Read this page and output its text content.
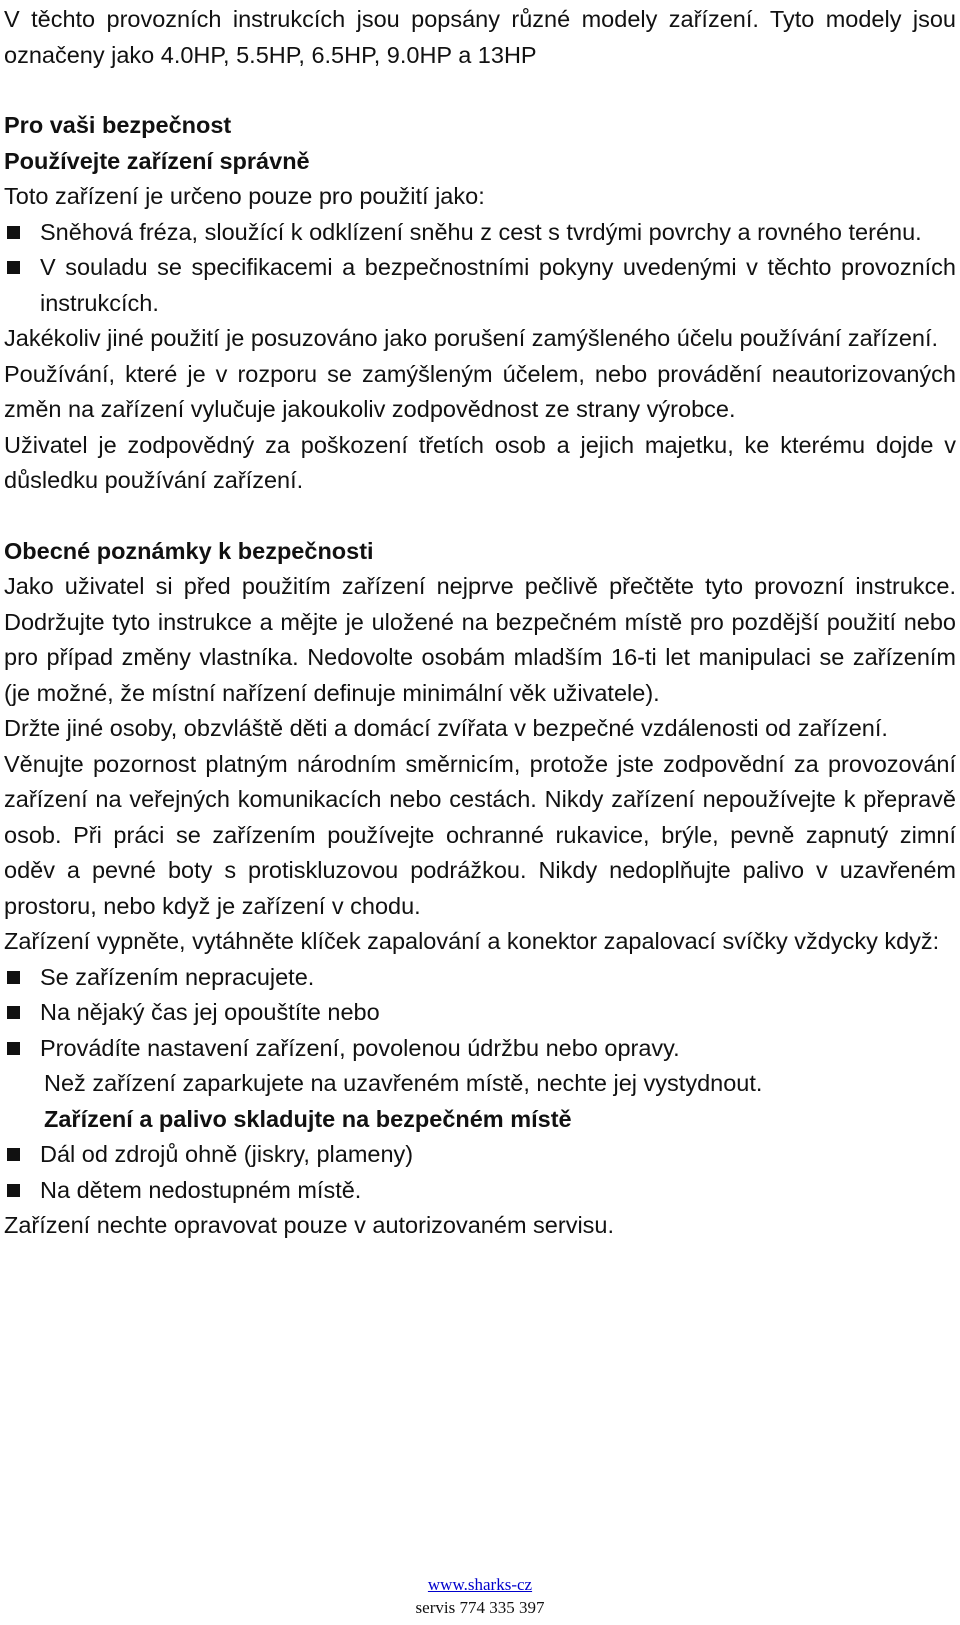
V těchto provozních instrukcích jsou popsány různé modely zařízení. Tyto modely jsou označeny jako 4.0HP, 5.5HP, 6.5HP, 9.0HP a 13HP

Pro vaši bezpečnost

Používejte zařízení správně

Toto zařízení je určeno pouze pro použití jako:

Sněhová fréza, sloužící k odklízení sněhu z cest s tvrdými povrchy a rovného terénu.
V souladu se specifikacemi a bezpečnostními pokyny uvedenými v těchto provozních instrukcích.

Jakékoliv jiné použití je posuzováno jako porušení zamýšleného účelu používání zařízení.

Používání, které je v rozporu se zamýšleným účelem, nebo provádění neautorizovaných změn na zařízení vylučuje jakoukoliv zodpovědnost ze strany výrobce.

Uživatel je zodpovědný za poškození třetích osob a jejich majetku, ke kterému dojde v důsledku používání zařízení.

Obecné poznámky k bezpečnosti

Jako uživatel si před použitím zařízení nejprve pečlivě přečtěte tyto provozní instrukce. Dodržujte tyto instrukce a mějte je uložené na bezpečném místě pro pozdější použití nebo pro případ změny vlastníka. Nedovolte osobám mladším 16-ti let manipulaci se zařízením (je možné, že místní nařízení definuje minimální věk uživatele).

Držte jiné osoby, obzvláště děti a domácí zvířata v bezpečné vzdálenosti od zařízení.

Věnujte pozornost platným národním směrnicím, protože jste zodpovědní za provozování zařízení na veřejných komunikacích nebo cestách. Nikdy zařízení nepoužívejte k přepravě osob. Při práci se zařízením používejte ochranné rukavice, brýle, pevně zapnutý zimní oděv a pevné boty s protiskluzovou podrážkou. Nikdy nedoplňujte palivo v uzavřeném prostoru, nebo když je zařízení v chodu.

Zařízení vypněte, vytáhněte klíček zapalování a konektor zapalovací svíčky vždycky když:

Se zařízením nepracujete.
Na nějaký čas jej opouštíte nebo
Provádíte nastavení zařízení, povolenou údržbu nebo opravy.

Než zařízení zaparkujete na uzavřeném místě, nechte jej vystydnout.

Zařízení a palivo skladujte na bezpečném místě

Dál od zdrojů ohně (jiskry, plameny)
Na dětem nedostupném místě.

Zařízení nechte opravovat pouze v autorizovaném servisu.

www.sharks-cz
servis 774 335 397
